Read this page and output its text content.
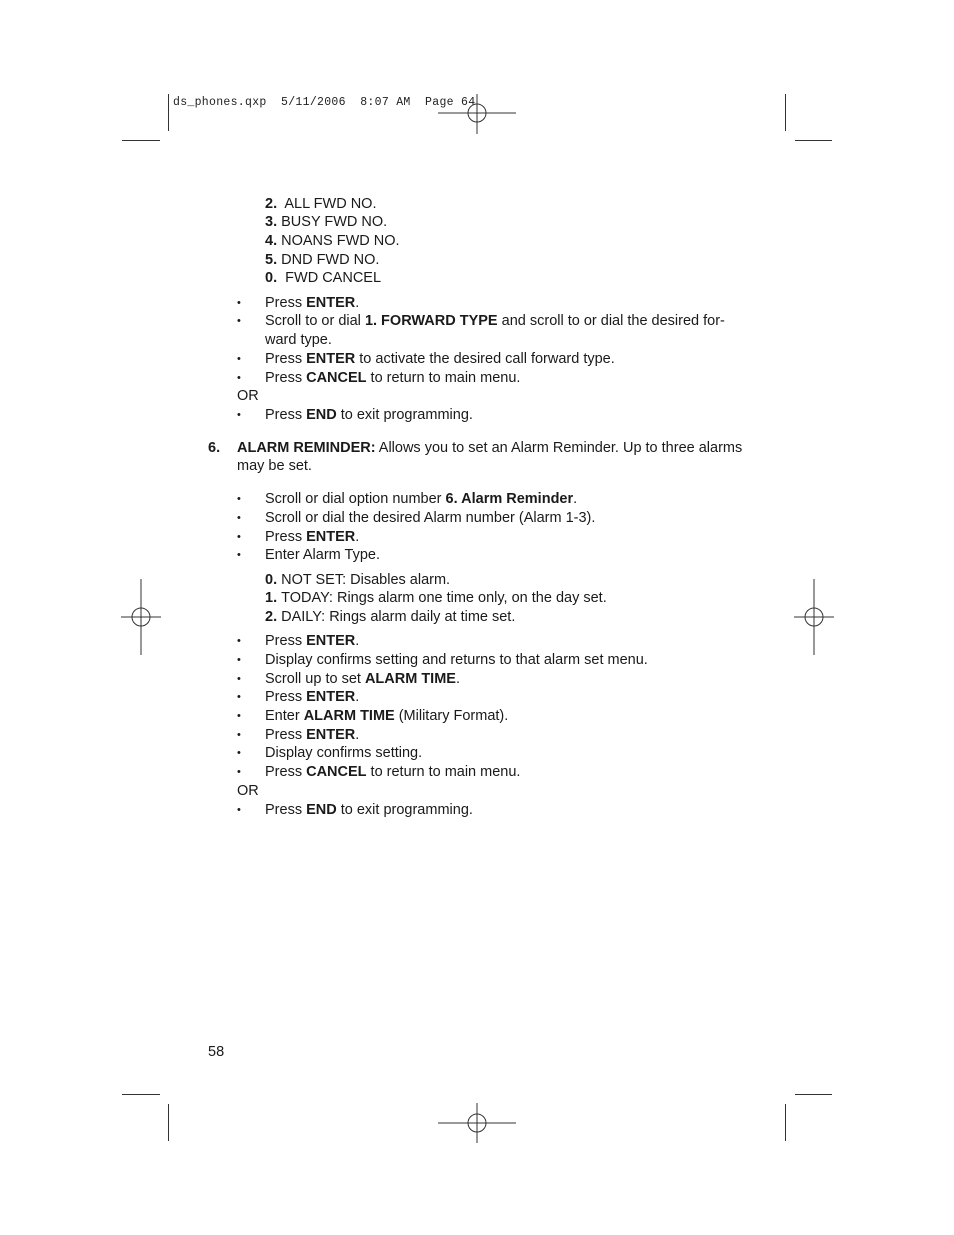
ds_phones.qxp  5/11/2006  8:07 AM  Page 64
2. ALL FWD NO.
3. BUSY FWD NO.
4. NOANS FWD NO.
5. DND FWD NO.
0. FWD CANCEL
• Press ENTER.
• Scroll to or dial 1. FORWARD TYPE and scroll to or dial the desired for-
ward type.
• Press ENTER to activate the desired call forward type.
• Press CANCEL to return to main menu.
OR
• Press END to exit programming.
6. ALARM REMINDER: Allows you to set an Alarm Reminder. Up to three alarms
may be set.
• Scroll or dial option number 6. Alarm Reminder.
• Scroll or dial the desired Alarm number (Alarm 1-3).
• Press ENTER.
• Enter Alarm Type.
0. NOT SET: Disables alarm.
1. TODAY: Rings alarm one time only, on the day set.
2. DAILY: Rings alarm daily at time set.
• Press ENTER.
• Display confirms setting and returns to that alarm set menu.
• Scroll up to set ALARM TIME.
• Press ENTER.
• Enter ALARM TIME (Military Format).
• Press ENTER.
• Display confirms setting.
• Press CANCEL to return to main menu.
OR
• Press END to exit programming.
58
